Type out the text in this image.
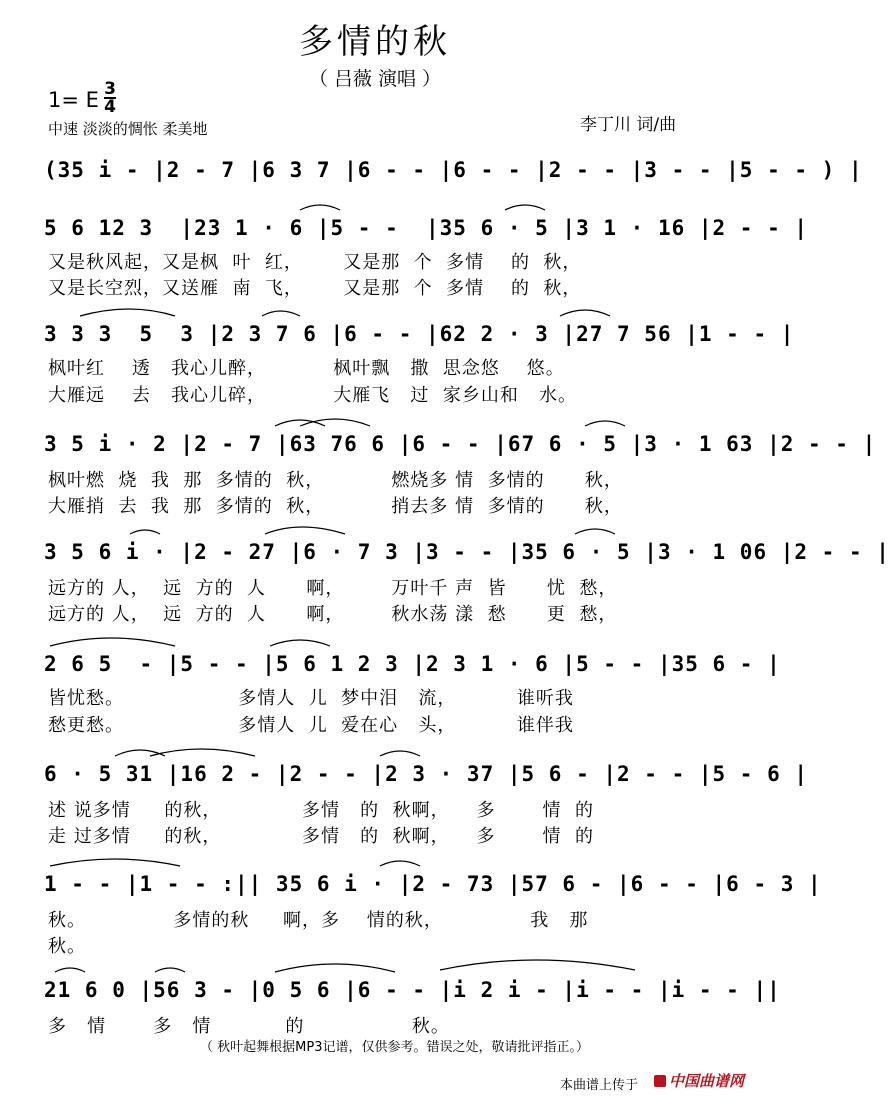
多情的秋
（ 吕薇 演唱 ）
1= E 3
4
中速 淡淡的惆怅 柔美地	李丁川 词/曲
(35 i - |2 - 7 |6 3 7 |6 - - |6 - - |2 - - |3 - - |5 - - ) |
5 6 12 3  |23 1 · 6 |5 - -  |35 6 · 5 |3 1 · 16 |2 - - |
又是秋风起，又是枫  叶  红，      又是那  个  多情    的  秋，
又是长空烈，又送雁  南  飞，      又是那  个  多情    的  秋，
3 3 3  5  3 |2 3 7 6 |6 - - |62 2 · 3 |27 7 56 |1 - - |
枫叶红    透   我心儿醉，          枫叶飘   撒  思念悠    悠。
大雁远    去   我心儿碎，          大雁飞   过  家乡山和   水。
3 5 i · 2 |2 - 7 |63 76 6 |6 - - |67 6 · 5 |3 · 1 63 |2 - - |
枫叶燃  烧  我  那  多情的  秋，          燃烧多 情  多情的      秋，
大雁捎  去  我  那  多情的  秋，          捎去多 情  多情的      秋，
3 5 6 i · |2 - 27 |6 · 7 3 |3 - - |35 6 · 5 |3 · 1 06 |2 - - |
远方的 人，  远  方的  人      啊，       万叶千 声  皆      忧  愁，
远方的 人，  远  方的  人      啊，       秋水荡 漾  愁      更  愁，
2 6 5  - |5 - - |5 6 1 2 3 |2 3 1 · 6 |5 - - |35 6 - |
皆忧愁。                 多情人  儿  梦中泪   流，         谁听我
愁更愁。                 多情人  儿  爱在心   头，         谁伴我
6 · 5 31 |16 2 - |2 - - |2 3 · 37 |5 6 - |2 - - |5 - 6 |
述 说多情     的秋，            多情   的  秋啊，    多       情  的
走 过多情     的秋，            多情   的  秋啊，    多       情  的
1 - - |1 - - :|| 35 6 i · |2 - 73 |57 6 - |6 - - |6 - 3 |
秋。             多情的秋     啊，多    情的秋，             我   那
秋。
21 6 0 |56 3 - |0 5 6 |6 - - |i 2 i - |i - - |i - - ||
多   情       多   情           的                秋。
（ 秋叶起舞根据MP3记谱，仅供参考。错误之处，敬请批评指正。）
本曲谱上传于	中国曲谱网
